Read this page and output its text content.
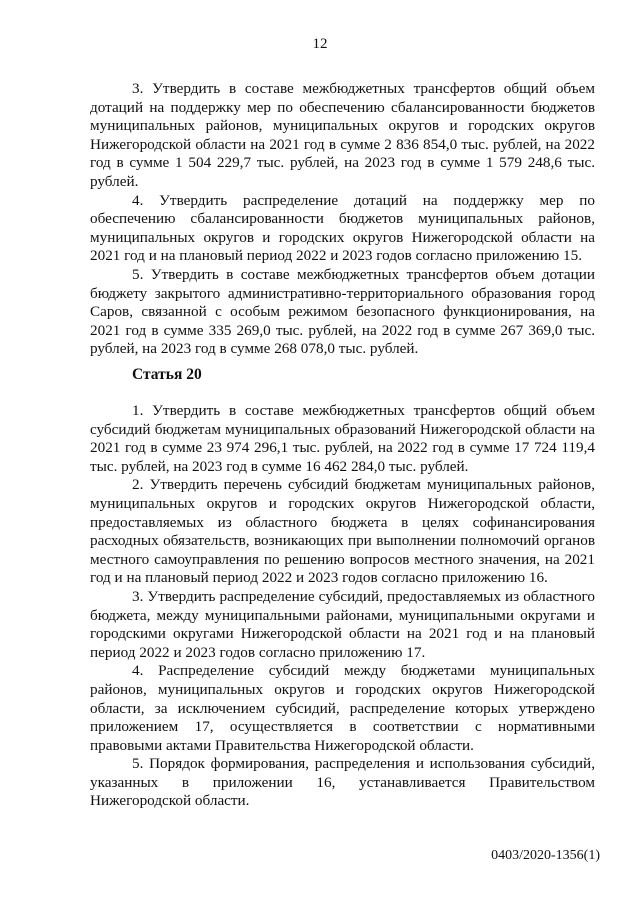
12

3. Утвердить в составе межбюджетных трансфертов общий объем дотаций на поддержку мер по обеспечению сбалансированности бюджетов муниципальных районов, муниципальных округов и городских округов Нижегородской области на 2021 год в сумме 2 836 854,0 тыс. рублей, на 2022 год в сумме 1 504 229,7 тыс. рублей, на 2023 год в сумме 1 579 248,6 тыс. рублей.

4. Утвердить распределение дотаций на поддержку мер по обеспечению сбалансированности бюджетов муниципальных районов, муниципальных округов и городских округов Нижегородской области на 2021 год и на плановый период 2022 и 2023 годов согласно приложению 15.

5. Утвердить в составе межбюджетных трансфертов объем дотации бюджету закрытого административно-территориального образования город Саров, связанной с особым режимом безопасного функционирования, на 2021 год в сумме 335 269,0 тыс. рублей, на 2022 год в сумме 267 369,0 тыс. рублей, на 2023 год в сумме 268 078,0 тыс. рублей.

Статья 20

1. Утвердить в составе межбюджетных трансфертов общий объем субсидий бюджетам муниципальных образований Нижегородской области на 2021 год в сумме 23 974 296,1 тыс. рублей, на 2022 год в сумме 17 724 119,4 тыс. рублей, на 2023 год в сумме 16 462 284,0 тыс. рублей.

2. Утвердить перечень субсидий бюджетам муниципальных районов, муниципальных округов и городских округов Нижегородской области, предоставляемых из областного бюджета в целях софинансирования расходных обязательств, возникающих при выполнении полномочий органов местного самоуправления по решению вопросов местного значения, на 2021 год и на плановый период 2022 и 2023 годов согласно приложению 16.

3. Утвердить распределение субсидий, предоставляемых из областного бюджета, между муниципальными районами, муниципальными округами и городскими округами Нижегородской области на 2021 год и на плановый период 2022 и 2023 годов согласно приложению 17.

4. Распределение субсидий между бюджетами муниципальных районов, муниципальных округов и городских округов Нижегородской области, за исключением субсидий, распределение которых утверждено приложением 17, осуществляется в соответствии с нормативными правовыми актами Правительства Нижегородской области.

5. Порядок формирования, распределения и использования субсидий, указанных в приложении 16, устанавливается Правительством Нижегородской области.

0403/2020-1356(1)
